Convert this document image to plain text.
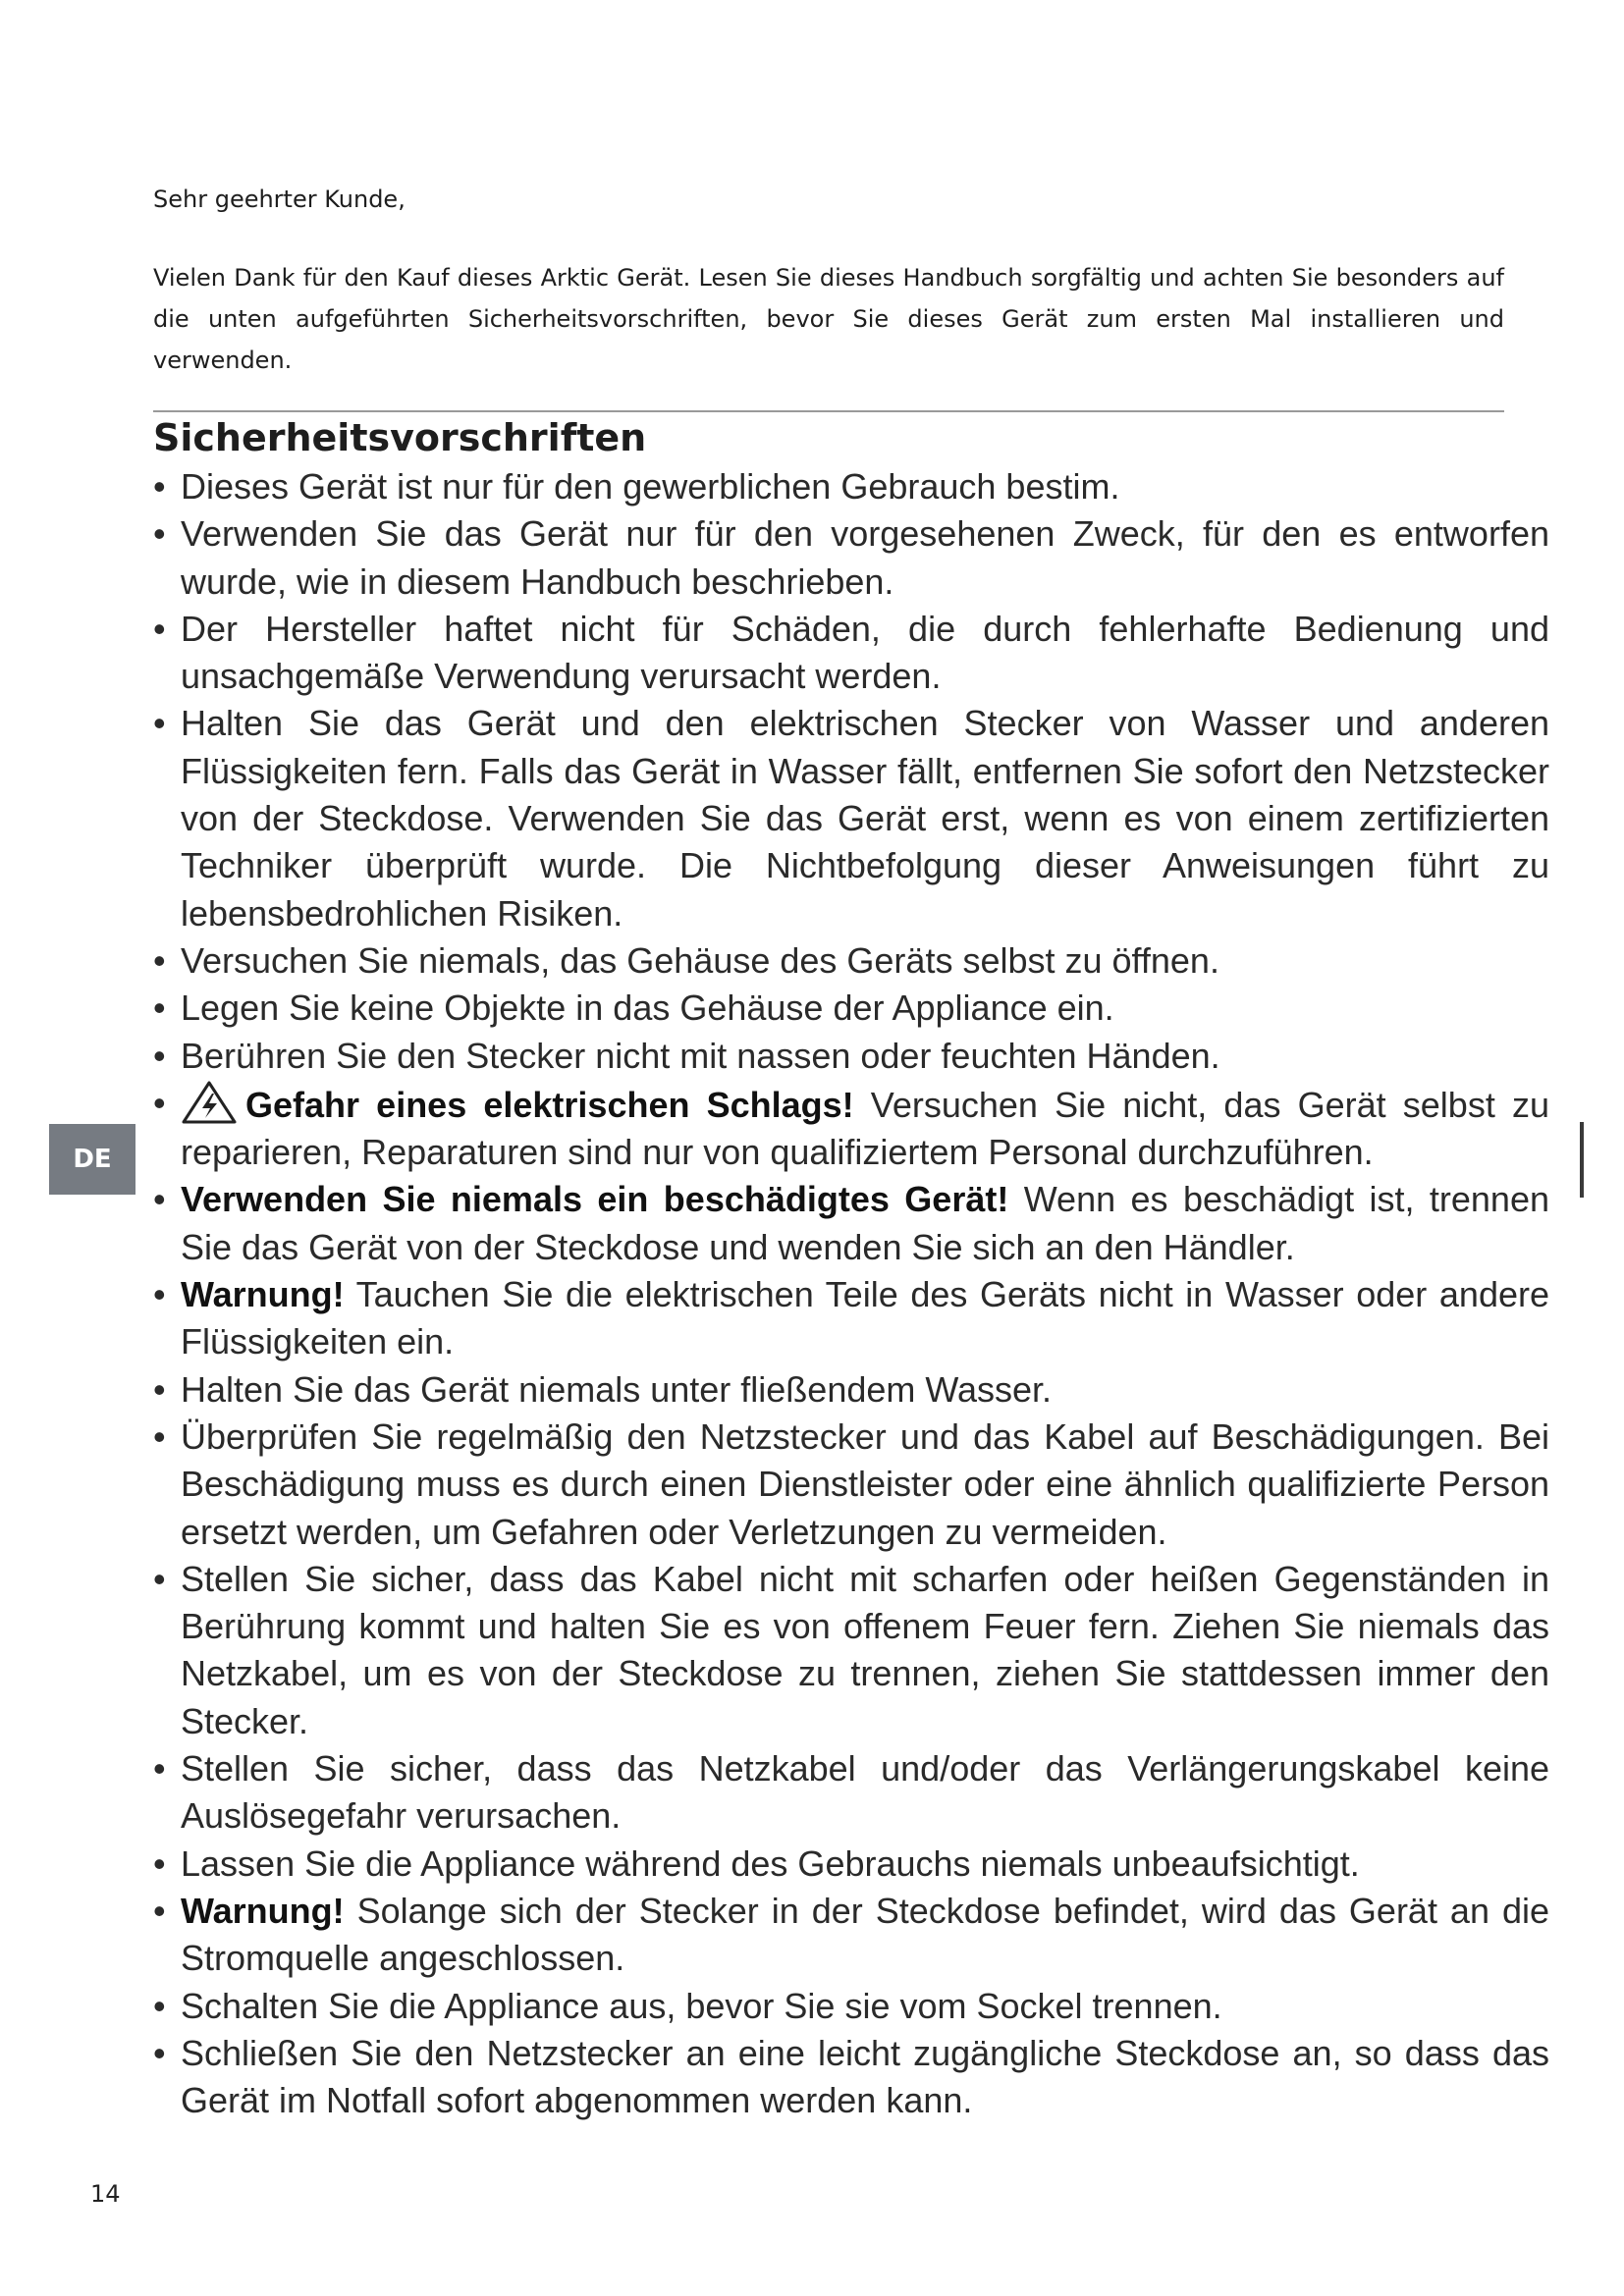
Sehr geehrter Kunde,

Vielen Dank für den Kauf dieses Arktic Gerät. Lesen Sie dieses Handbuch sorgfältig und achten Sie besonders auf die unten aufgeführten Sicherheitsvorschriften, bevor Sie dieses Gerät zum ersten Mal installieren und verwenden.

Sicherheitsvorschriften
• Dieses Gerät ist nur für den gewerblichen Gebrauch bestim.
• Verwenden Sie das Gerät nur für den vorgesehenen Zweck, für den es entworfen wurde, wie in diesem Handbuch beschrieben.
• Der Hersteller haftet nicht für Schäden, die durch fehlerhafte Bedienung und unsachgemäße Verwendung verursacht werden.
• Halten Sie das Gerät und den elektrischen Stecker von Wasser und anderen Flüssigkeiten fern. Falls das Gerät in Wasser fällt, entfernen Sie sofort den Netzstecker von der Steckdose. Verwenden Sie das Gerät erst, wenn es von einem zertifizierten Techniker überprüft wurde. Die Nichtbefolgung dieser Anweisungen führt zu lebensbedrohlichen Risiken.
• Versuchen Sie niemals, das Gehäuse des Geräts selbst zu öffnen.
• Legen Sie keine Objekte in das Gehäuse der Appliance ein.
• Berühren Sie den Stecker nicht mit nassen oder feuchten Händen.
• Gefahr eines elektrischen Schlags! Versuchen Sie nicht, das Gerät selbst zu reparieren, Reparaturen sind nur von qualifiziertem Personal durchzuführen.
• Verwenden Sie niemals ein beschädigtes Gerät! Wenn es beschädigt ist, trennen Sie das Gerät von der Steckdose und wenden Sie sich an den Händler.
• Warnung! Tauchen Sie die elektrischen Teile des Geräts nicht in Wasser oder andere Flüssigkeiten ein.
• Halten Sie das Gerät niemals unter fließendem Wasser.
• Überprüfen Sie regelmäßig den Netzstecker und das Kabel auf Beschädigungen. Bei Beschädigung muss es durch einen Dienstleister oder eine ähnlich qualifizierte Person ersetzt werden, um Gefahren oder Verletzungen zu vermeiden.
• Stellen Sie sicher, dass das Kabel nicht mit scharfen oder heißen Gegenständen in Berührung kommt und halten Sie es von offenem Feuer fern. Ziehen Sie niemals das Netzkabel, um es von der Steckdose zu trennen, ziehen Sie stattdessen immer den Stecker.
• Stellen Sie sicher, dass das Netzkabel und/oder das Verlängerungskabel keine Auslösegefahr verursachen.
• Lassen Sie die Appliance während des Gebrauchs niemals unbeaufsichtigt.
• Warnung! Solange sich der Stecker in der Steckdose befindet, wird das Gerät an die Stromquelle angeschlossen.
• Schalten Sie die Appliance aus, bevor Sie sie vom Sockel trennen.
• Schließen Sie den Netzstecker an eine leicht zugängliche Steckdose an, so dass das Gerät im Notfall sofort abgenommen werden kann.
DE
14
